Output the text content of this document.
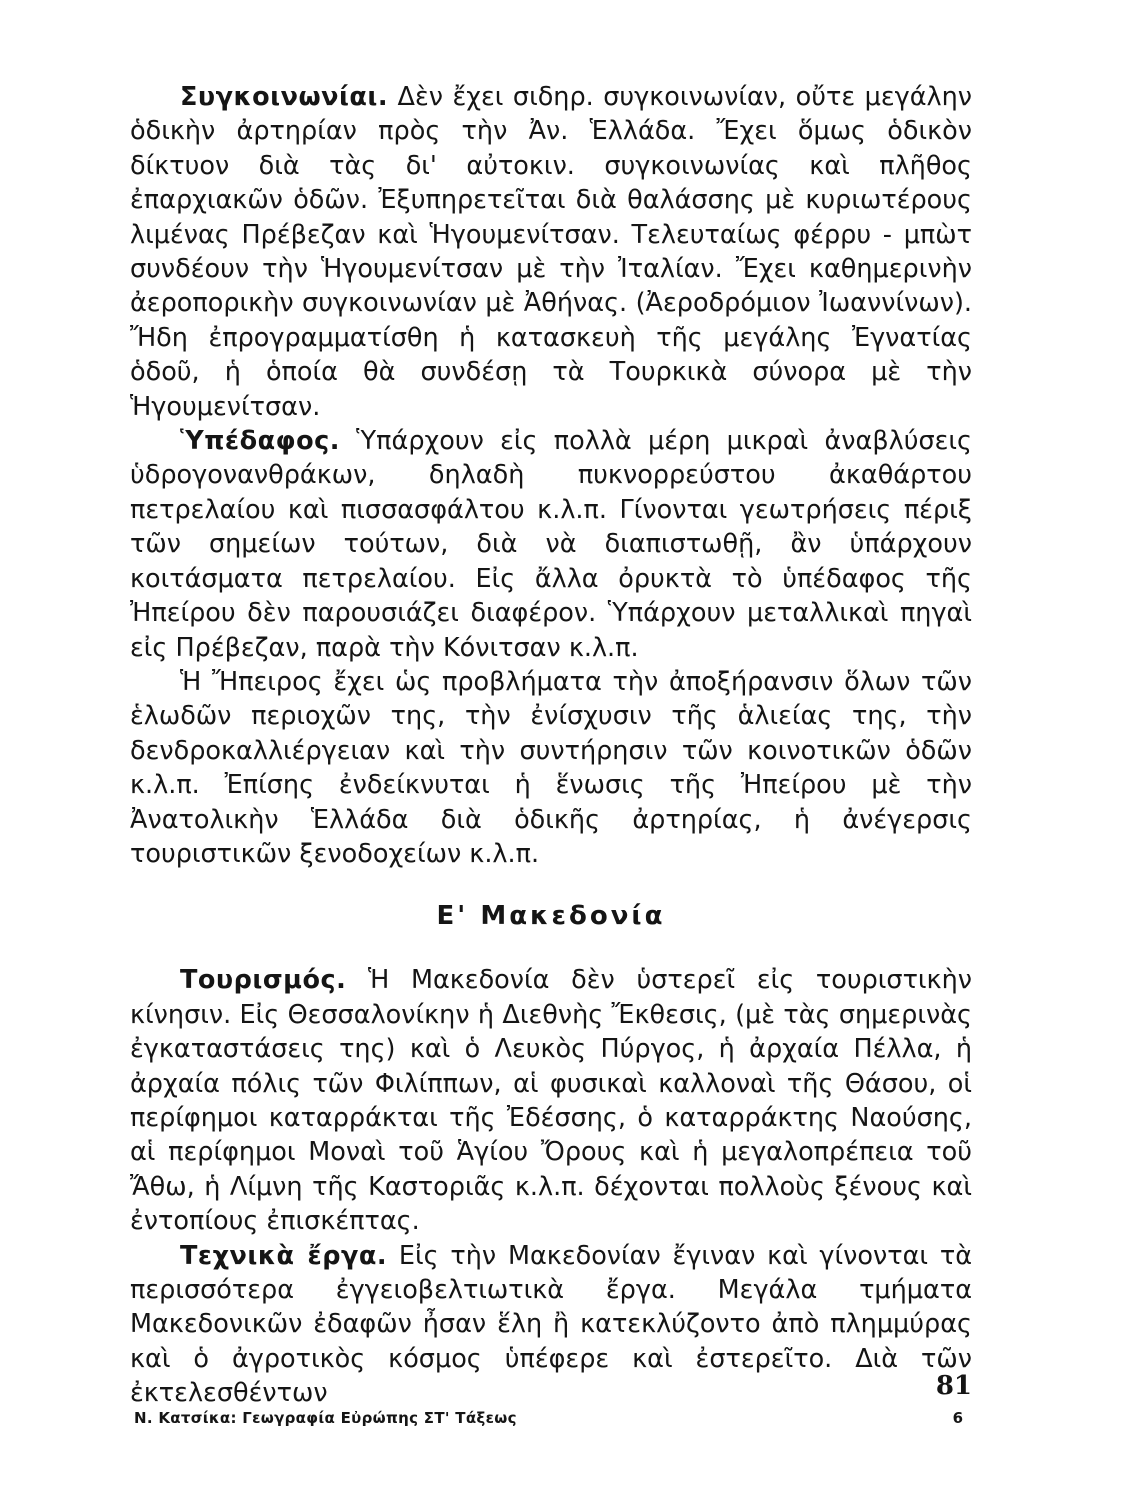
Συγκοινωνίαι. Δὲν ἔχει σιδηρ. συγκοινωνίαν, οὔτε μεγάλην ὁδικὴν ἀρτηρίαν πρὸς τὴν Ἀν. Ἑλλάδα. Ἔχει ὅμως ὁδικὸν δίκτυον διὰ τὰς δι' αὐτοκιν. συγκοινωνίας καὶ πλῆθος ἐπαρχιακῶν ὁδῶν. Ἐξυπηρετεῖται διὰ θαλάσσης μὲ κυριωτέρους λιμένας Πρέβεζαν καὶ Ἡγουμενίτσαν. Τελευταίως φέρρυ - μπὼτ συνδέουν τὴν Ἡγουμενίτσαν μὲ τὴν Ἰταλίαν. Ἔχει καθημερινὴν ἀεροπορικὴν συγκοινωνίαν μὲ Ἀθήνας. (Ἀεροδρόμιον Ἰωαννίνων). Ἤδη ἐπρογραμματίσθη ἡ κατασκευὴ τῆς μεγάλης Ἐγνατίας ὁδοῦ, ἡ ὁποία θὰ συνδέσῃ τὰ Τουρκικὰ σύνορα μὲ τὴν Ἡγουμενίτσαν.

Ὑπέδαφος. Ὑπάρχουν εἰς πολλὰ μέρη μικραὶ ἀναβλύσεις ὑδρογονανθράκων, δηλαδὴ πυκνορρεύστου ἀκαθάρτου πετρελαίου καὶ πισσασφάλτου κ.λ.π. Γίνονται γεωτρήσεις πέριξ τῶν σημείων τούτων, διὰ νὰ διαπιστωθῇ, ἂν ὑπάρχουν κοιτάσματα πετρελαίου. Εἰς ἄλλα ὀρυκτὰ τὸ ὑπέδαφος τῆς Ἠπείρου δὲν παρουσιάζει διαφέρον. Ὑπάρχουν μεταλλικαὶ πηγαὶ εἰς Πρέβεζαν, παρὰ τὴν Κόνιτσαν κ.λ.π.

Ἡ Ἤπειρος ἔχει ὡς προβλήματα τὴν ἀποξήρανσιν ὅλων τῶν ἑλωδῶν περιοχῶν της, τὴν ἐνίσχυσιν τῆς ἁλιείας της, τὴν δενδροκαλλιέργειαν καὶ τὴν συντήρησιν τῶν κοινοτικῶν ὁδῶν κ.λ.π. Ἐπίσης ἐνδείκνυται ἡ ἕνωσις τῆς Ἠπείρου μὲ τὴν Ἀνατολικὴν Ἑλλάδα διὰ ὁδικῆς ἀρτηρίας, ἡ ἀνέγερσις τουριστικῶν ξενοδοχείων κ.λ.π.

Ε' Μακεδονία

Τουρισμός. Ἡ Μακεδονία δὲν ὑστερεῖ εἰς τουριστικὴν κίνησιν. Εἰς Θεσσαλονίκην ἡ Διεθνὴς Ἔκθεσις, (μὲ τὰς σημερινὰς ἐγκαταστάσεις της) καὶ ὁ Λευκὸς Πύργος, ἡ ἀρχαία Πέλλα, ἡ ἀρχαία πόλις τῶν Φιλίππων, αἱ φυσικαὶ καλλοναὶ τῆς Θάσου, οἱ περίφημοι καταρράκται τῆς Ἐδέσσης, ὁ καταρράκτης Ναούσης, αἱ περίφημοι Μοναὶ τοῦ Ἁγίου Ὄρους καὶ ἡ μεγαλοπρέπεια τοῦ Ἄθω, ἡ Λίμνη τῆς Καστοριᾶς κ.λ.π. δέχονται πολλοὺς ξένους καὶ ἐντοπίους ἐπισκέπτας.

Τεχνικὰ ἔργα. Εἰς τὴν Μακεδονίαν ἔγιναν καὶ γίνονται τὰ περισσότερα ἐγγειοβελτιωτικὰ ἔργα. Μεγάλα τμήματα Μακεδονικῶν ἐδαφῶν ἦσαν ἕλη ἢ κατεκλύζοντο ἀπὸ πλημμύρας καὶ ὁ ἀγροτικὸς κόσμος ὑπέφερε καὶ ἐστερεῖτο. Διὰ τῶν ἐκτελεσθέντων	81
Ν. Κατσίκα: Γεωγραφία Εὐρώπης ΣΤ' Τάξεως	6
